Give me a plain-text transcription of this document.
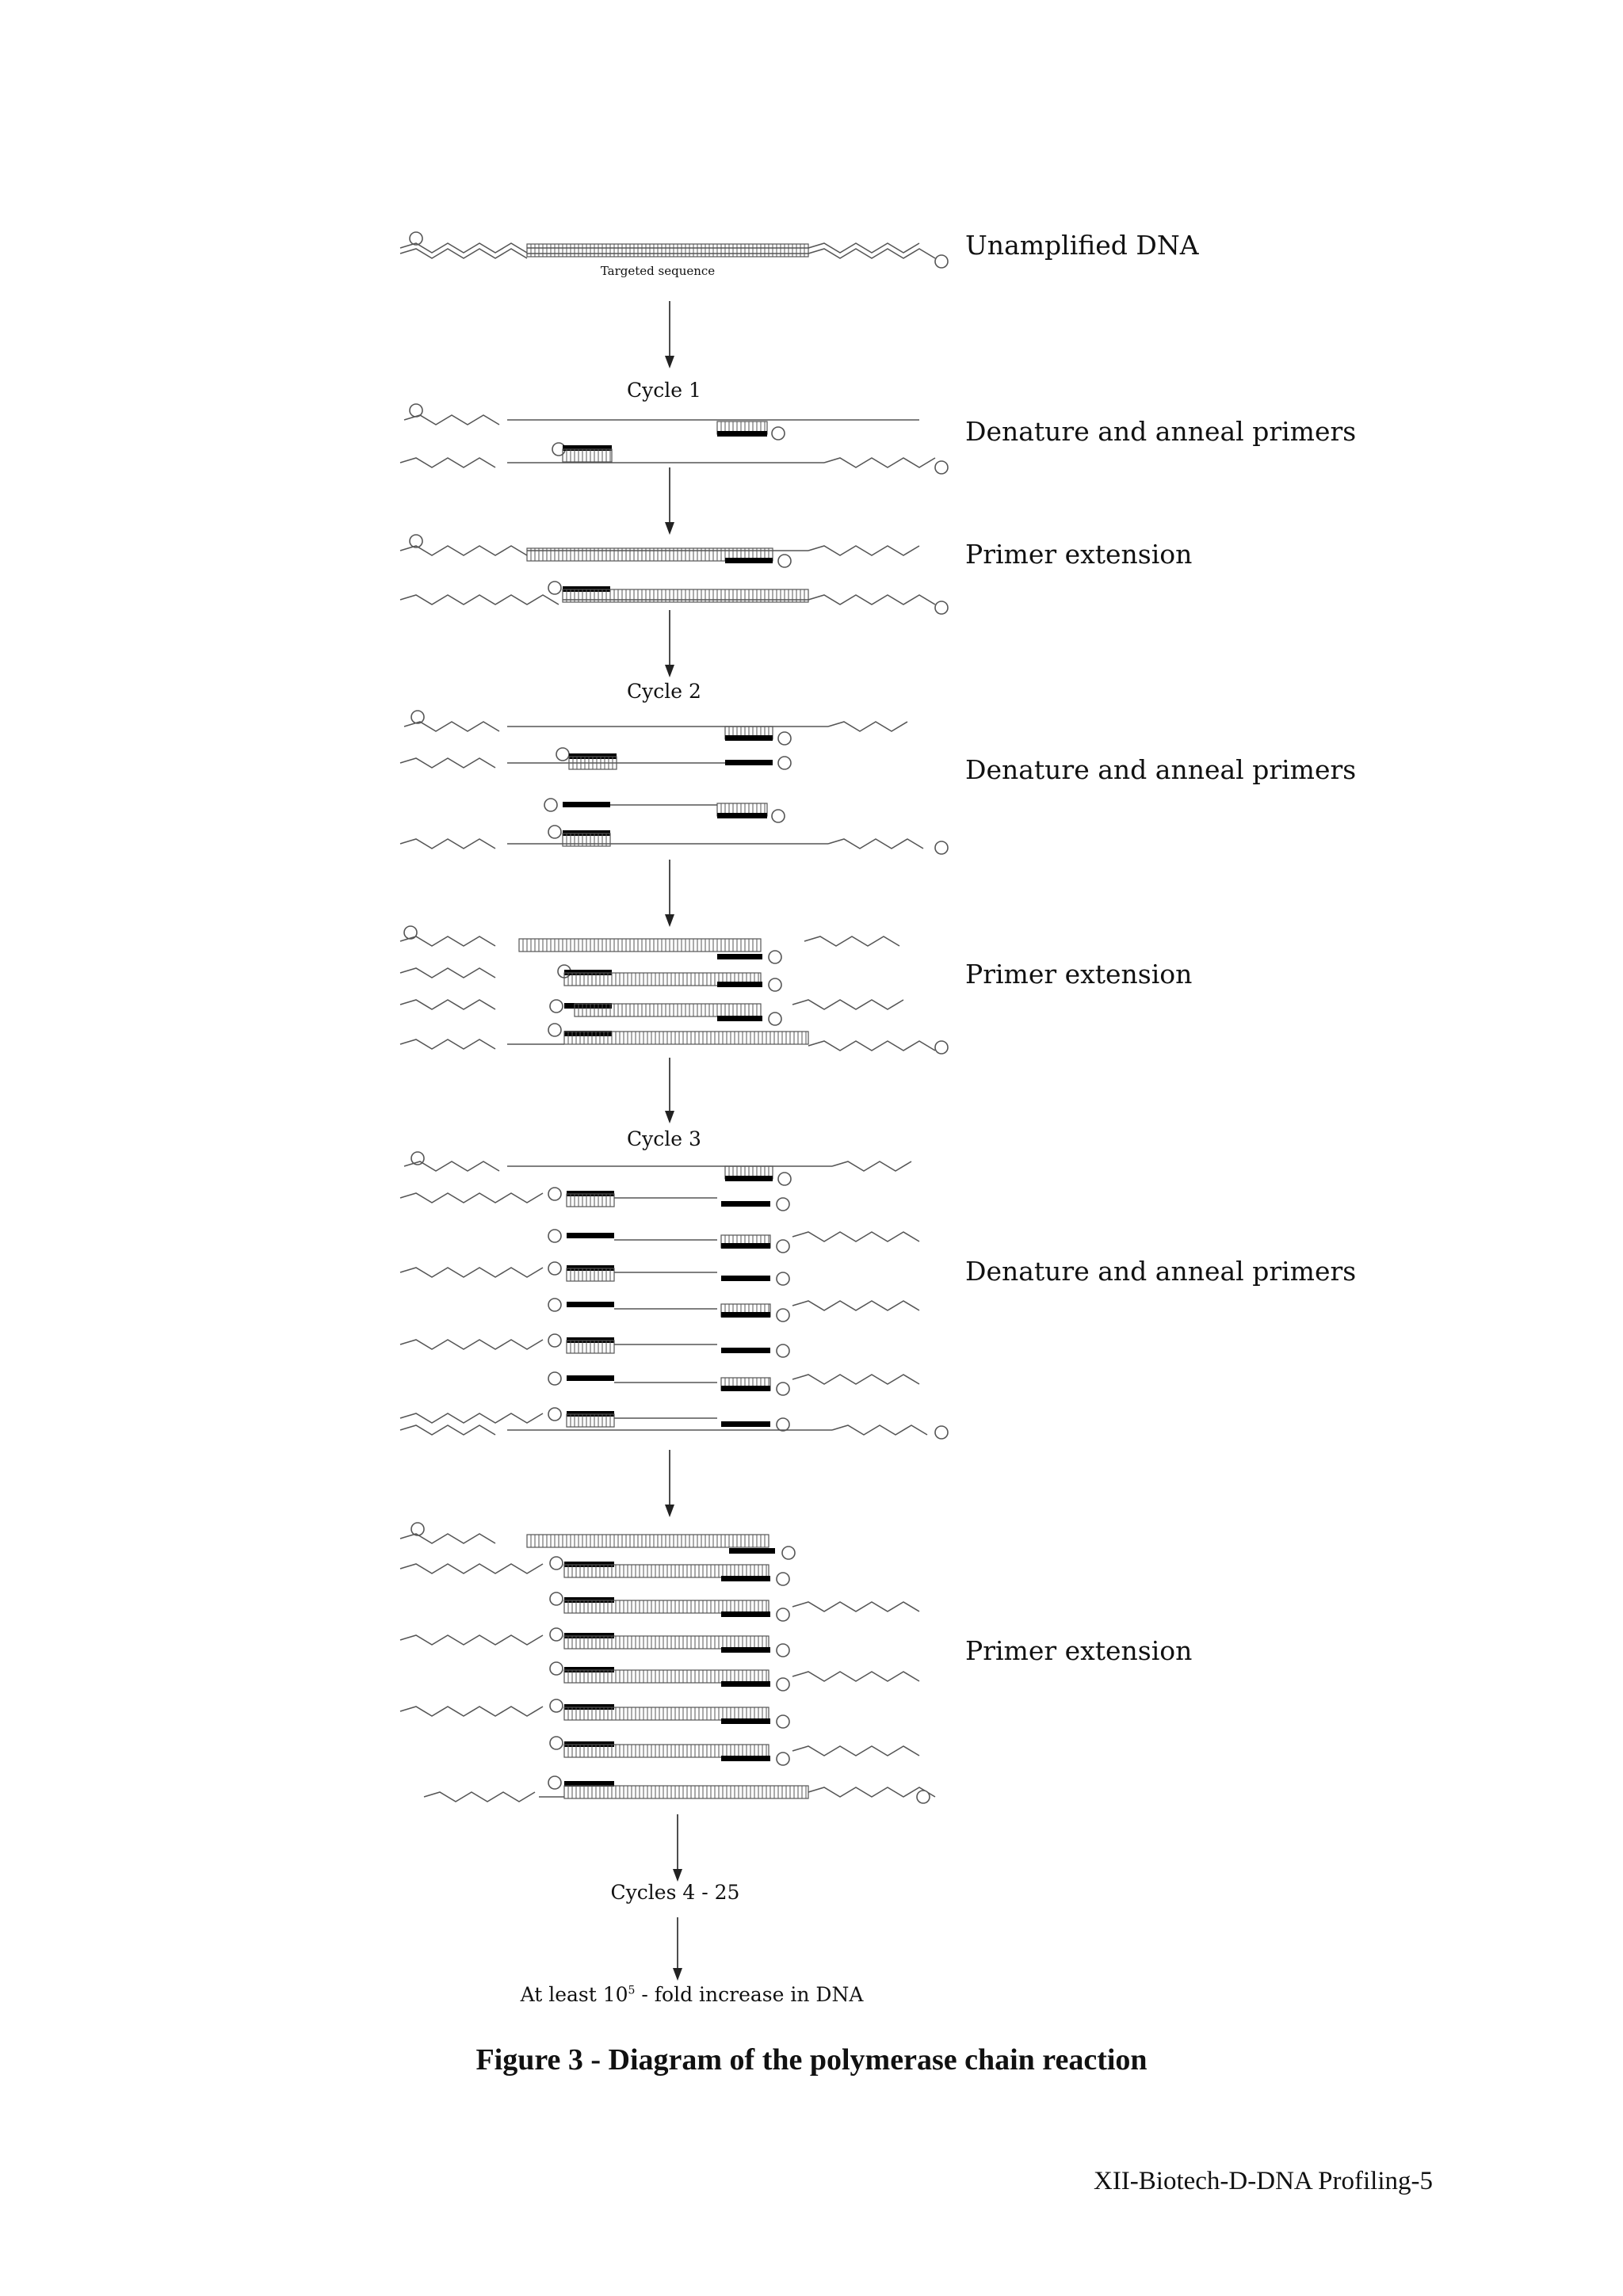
Unamplified DNA
Targeted sequence
Cycle 1
Denature and anneal primers
Primer extension
Cycle 2
Denature and anneal primers
Primer extension
Cycle 3
Denature and anneal primers
Primer extension
Cycles 4 - 25
At least $10^5$ - fold increase in DNA
Figure 3 - Diagram of the polymerase chain reaction
XII-Biotech-D-DNA Profiling-5
